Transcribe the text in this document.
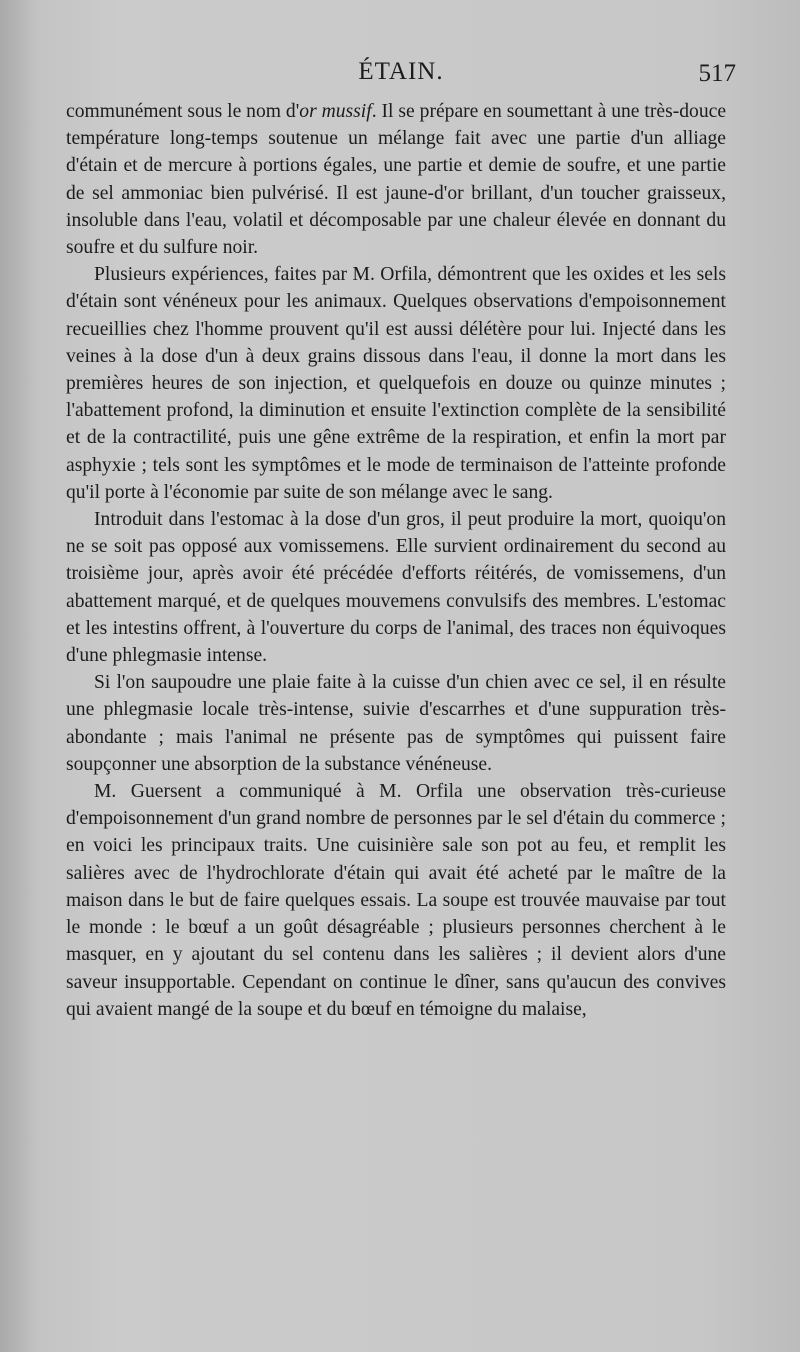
ÉTAIN.	517

communément sous le nom d'or mussif. Il se prépare en soumettant à une très-douce température long-temps soutenue un mélange fait avec une partie d'un alliage d'étain et de mercure à portions égales, une partie et demie de soufre, et une partie de sel ammoniac bien pulvérisé. Il est jaune-d'or brillant, d'un toucher graisseux, insoluble dans l'eau, volatil et décomposable par une chaleur élevée en donnant du soufre et du sulfure noir.

Plusieurs expériences, faites par M. Orfila, démontrent que les oxides et les sels d'étain sont vénéneux pour les animaux. Quelques observations d'empoisonnement recueillies chez l'homme prouvent qu'il est aussi délétère pour lui. Injecté dans les veines à la dose d'un à deux grains dissous dans l'eau, il donne la mort dans les premières heures de son injection, et quelquefois en douze ou quinze minutes ; l'abattement profond, la diminution et ensuite l'extinction complète de la sensibilité et de la contractilité, puis une gêne extrême de la respiration, et enfin la mort par asphyxie ; tels sont les symptômes et le mode de terminaison de l'atteinte profonde qu'il porte à l'économie par suite de son mélange avec le sang.

Introduit dans l'estomac à la dose d'un gros, il peut produire la mort, quoiqu'on ne se soit pas opposé aux vomissemens. Elle survient ordinairement du second au troisième jour, après avoir été précédée d'efforts réitérés, de vomissemens, d'un abattement marqué, et de quelques mouvemens convulsifs des membres. L'estomac et les intestins offrent, à l'ouverture du corps de l'animal, des traces non équivoques d'une phlegmasie intense.

Si l'on saupoudre une plaie faite à la cuisse d'un chien avec ce sel, il en résulte une phlegmasie locale très-intense, suivie d'escarrhes et d'une suppuration très-abondante ; mais l'animal ne présente pas de symptômes qui puissent faire soupçonner une absorption de la substance vénéneuse.

M. Guersent a communiqué à M. Orfila une observation très-curieuse d'empoisonnement d'un grand nombre de personnes par le sel d'étain du commerce ; en voici les principaux traits. Une cuisinière sale son pot au feu, et remplit les salières avec de l'hydrochlorate d'étain qui avait été acheté par le maître de la maison dans le but de faire quelques essais. La soupe est trouvée mauvaise par tout le monde : le bœuf a un goût désagréable ; plusieurs personnes cherchent à le masquer, en y ajoutant du sel contenu dans les salières ; il devient alors d'une saveur insupportable. Cependant on continue le dîner, sans qu'aucun des convives qui avaient mangé de la soupe et du bœuf en témoigne du malaise,
